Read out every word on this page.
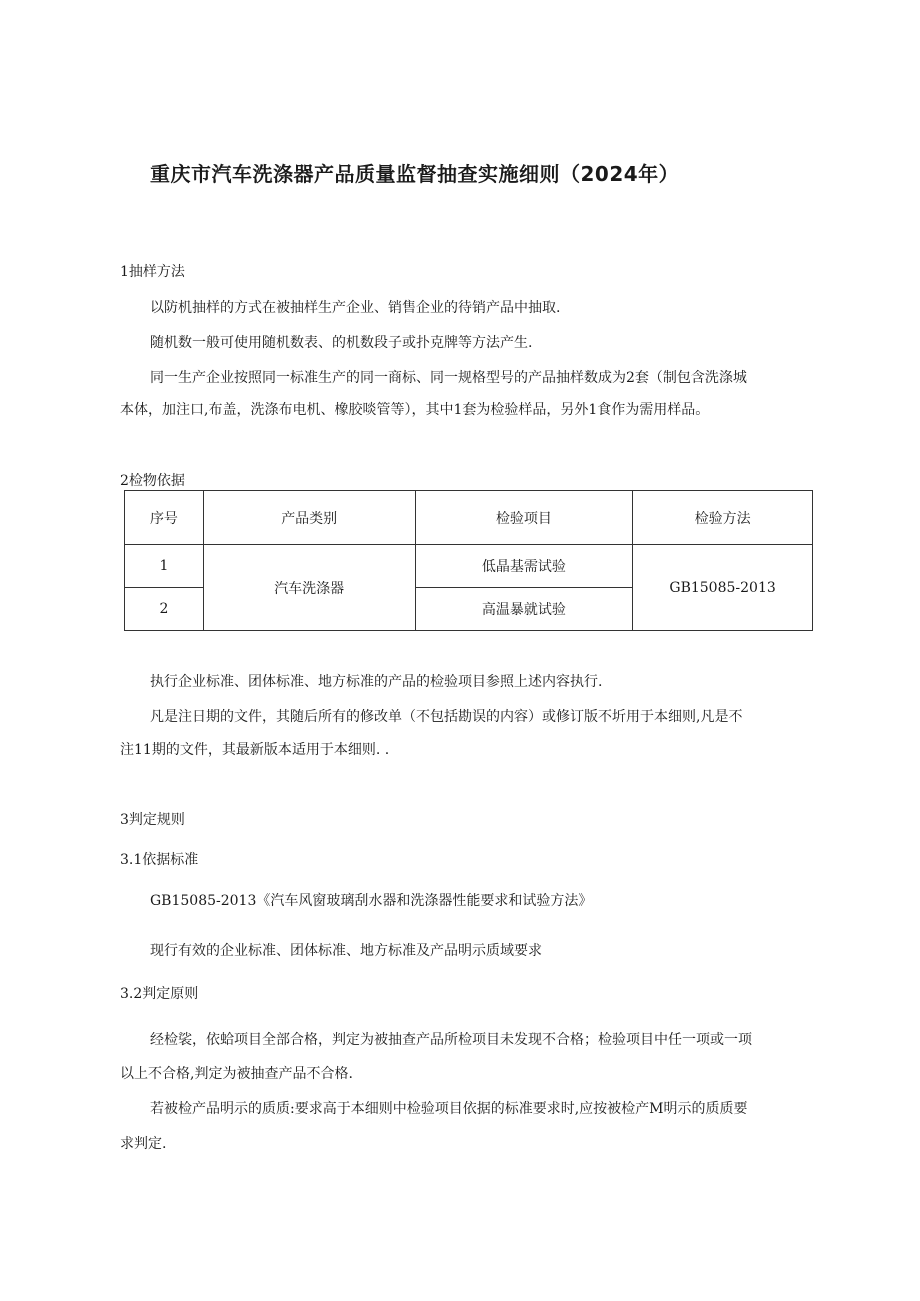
重庆市汽车洗涤器产品质量监督抽查实施细则（2024年）
1抽样方法
以防机抽样的方式在被抽样生产企业、销售企业的待销产品中抽取.
随机数一般可使用随机数表、的机数段子或扑克牌等方法产生.
同一生产企业按照同一标准生产的同一商标、同一规格型号的产品抽样数成为2套（制包含洗涤城
本体，加注口,布盖，洗涤布电机、橡胶啖管等），其中1套为检验样品，另外1食作为需用样品。
2检物依据
序号	产品类别	检验项目	检验方法
1	汽车洗涤器	低晶基需试验	GB15085-2013
2		高温暴就试验	
执行企业标准、团体标准、地方标准的产品的检验项目参照上述内容执行.
凡是注日期的文件，其随后所有的修改单（不包括勘误的内容）或修订版不圻用于本细则,凡是不
注11期的文件，其最新版本适用于本细则. .
3判定规则
3.1依据标准
GB15085-2013《汽车风窗玻璃刮水器和洗涤器性能要求和试验方法》
现行有效的企业标准、团体标准、地方标准及产品明示质域要求
3.2判定原则
经检裟，依蛤项目全部合格，判定为被抽查产品所检项目未发现不合格；检验项目中任一项或一项
以上不合格,判定为被抽查产品不合格.
若被检产品明示的质质:要求高于本细则中检验项目依据的标准要求时,应按被检产M明示的质质要
求判定.
